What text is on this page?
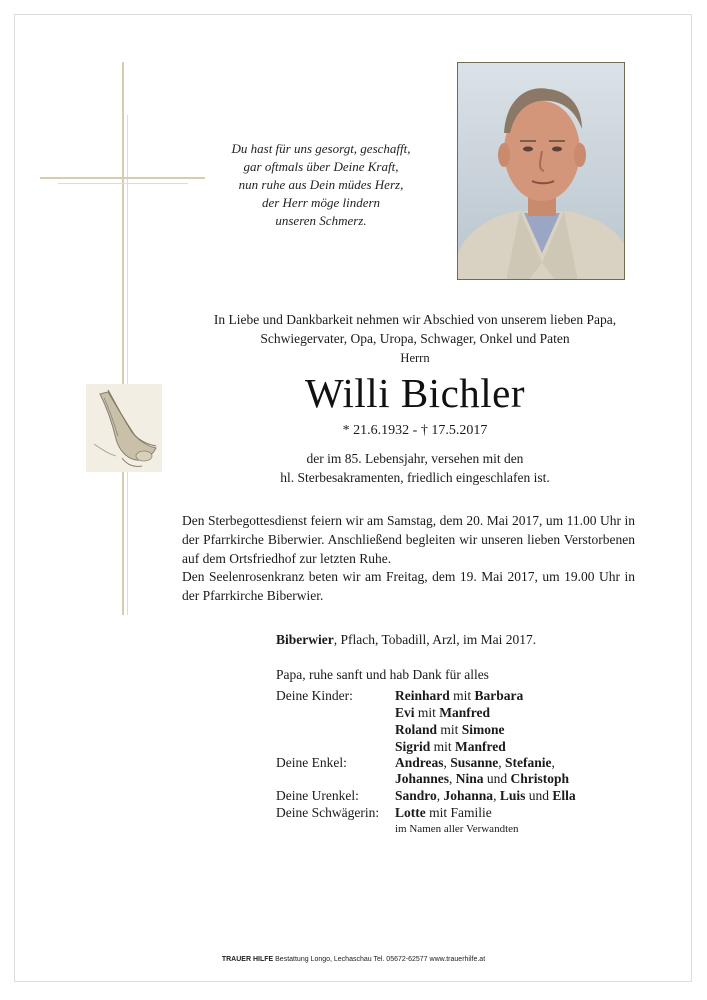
Du hast für uns gesorgt, geschafft,
gar oftmals über Deine Kraft,
nun ruhe aus Dein müdes Herz,
der Herr möge lindern
unseren Schmerz.
In Liebe und Dankbarkeit nehmen wir Abschied von unserem lieben Papa,
Schwiegervater, Opa, Uropa, Schwager, Onkel und Paten
Herrn
Willi Bichler
* 21.6.1932 - † 17.5.2017
der im 85. Lebensjahr, versehen mit den
hl. Sterbesakramenten, friedlich eingeschlafen ist.
Den Sterbegottesdienst feiern wir am Samstag, dem 20. Mai 2017, um 11.00 Uhr in der Pfarrkirche Biberwier. Anschließend begleiten wir unseren lieben Verstorbenen auf dem Ortsfriedhof zur letzten Ruhe.
Den Seelenrosenkranz beten wir am Freitag, dem 19. Mai 2017, um 19.00 Uhr in der Pfarrkirche Biberwier.
Biberwier, Pflach, Tobadill, Arzl, im Mai 2017.
Papa, ruhe sanft und hab Dank für alles
Deine Kinder:	Reinhard mit Barbara
Evi mit Manfred
Roland mit Simone
Sigrid mit Manfred
Deine Enkel:	Andreas, Susanne, Stefanie,
Johannes, Nina und Christoph
Deine Urenkel:	Sandro, Johanna, Luis und Ella
Deine Schwägerin: Lotte mit Familie
im Namen aller Verwandten
TRAUER HILFE Bestattung Longo, Lechaschau Tel. 05672-62577 www.trauerhilfe.at
